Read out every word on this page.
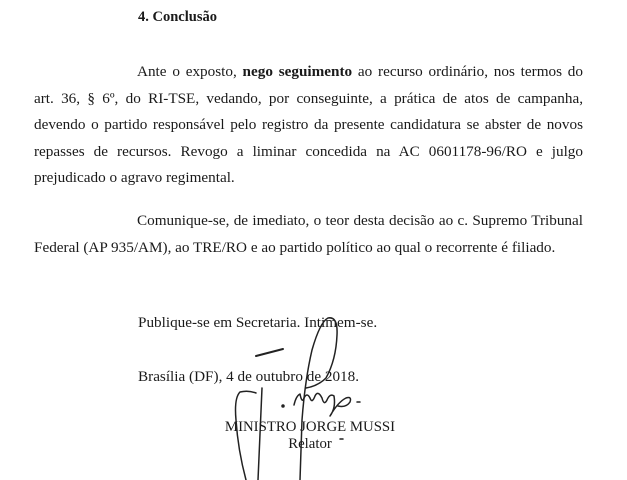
4. Conclusão

Ante o exposto, nego seguimento ao recurso ordinário, nos termos do art. 36, § 6º, do RI-TSE, vedando, por conseguinte, a prática de atos de campanha, devendo o partido responsável pelo registro da presente candidatura se abster de novos repasses de recursos. Revogo a liminar concedida na AC 0601178-96/RO e julgo prejudicado o agravo regimental.

Comunique-se, de imediato, o teor desta decisão ao c. Supremo Tribunal Federal (AP 935/AM), ao TRE/RO e ao partido político ao qual o recorrente é filiado.

Publique-se em Secretaria. Intimem-se.
Brasília (DF), 4 de outubro de 2018.
MINISTRO JORGE MUSSI
Relator
